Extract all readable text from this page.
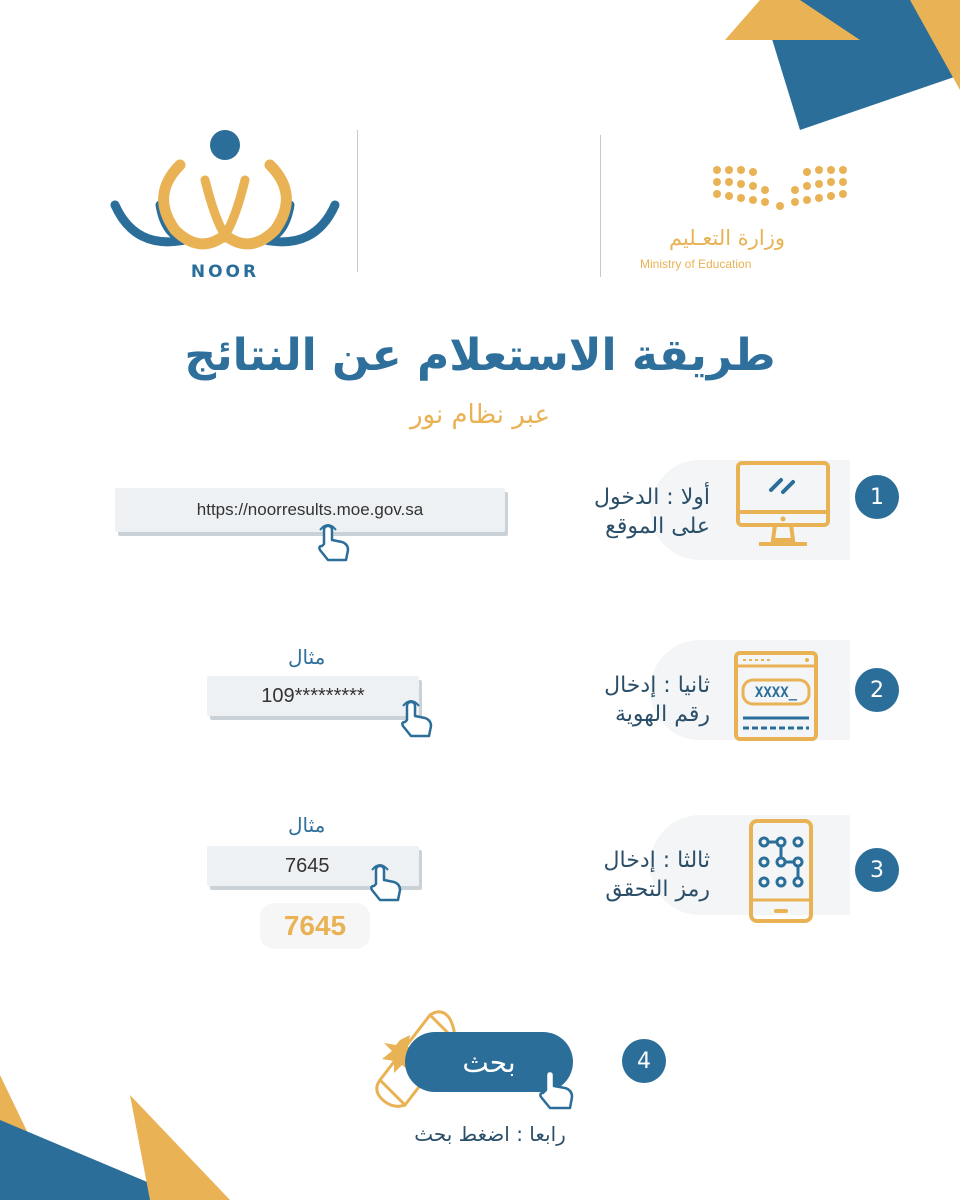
NOOR
وزارة التعـليم
Ministry of Education
طريقة الاستعلام عن النتائج
عبر نظام نور
1
أولا : الدخول
على الموقع
https://noorresults.moe.gov.sa
2
XXXX_
ثانيا : إدخال
رقم الهوية
مثال
109*********
3
ثالثا : إدخال
رمز التحقق
مثال
7645
7645
بحث	4
رابعا : اضغط بحث
